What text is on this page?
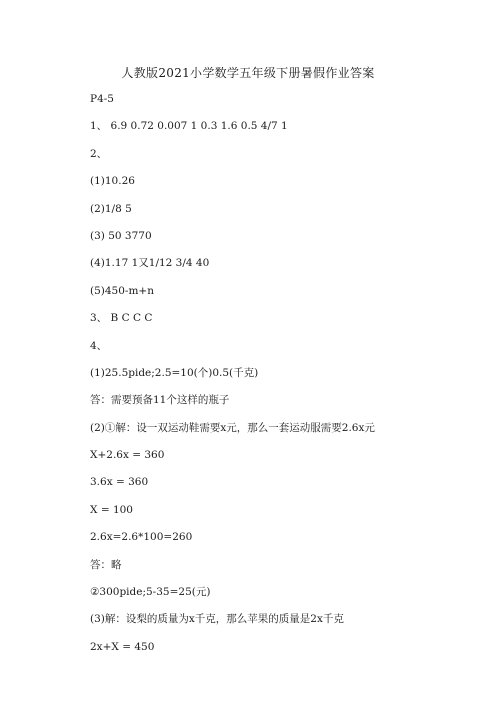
人教版2021小学数学五年级下册暑假作业答案
P4-5
1、 6.9 0.72 0.007 1 0.3 1.6 0.5 4/7 1
2、
(1)10.26
(2)1/8 5
(3) 50 3770
(4)1.17 1又1/12 3/4 40
(5)450-m+n
3、 B C C C
4、
(1)25.5pide;2.5=10(个)0.5(千克)
答：需要预备11个这样的瓶子
(2)①解：设一双运动鞋需要x元，那么一套运动服需要2.6x元
X+2.6x = 360
3.6x = 360
X = 100
2.6x=2.6*100=260
答：略
②300pide;5-35=25(元)
(3)解：设梨的质量为x千克，那么苹果的质量是2x千克
2x+X = 450
